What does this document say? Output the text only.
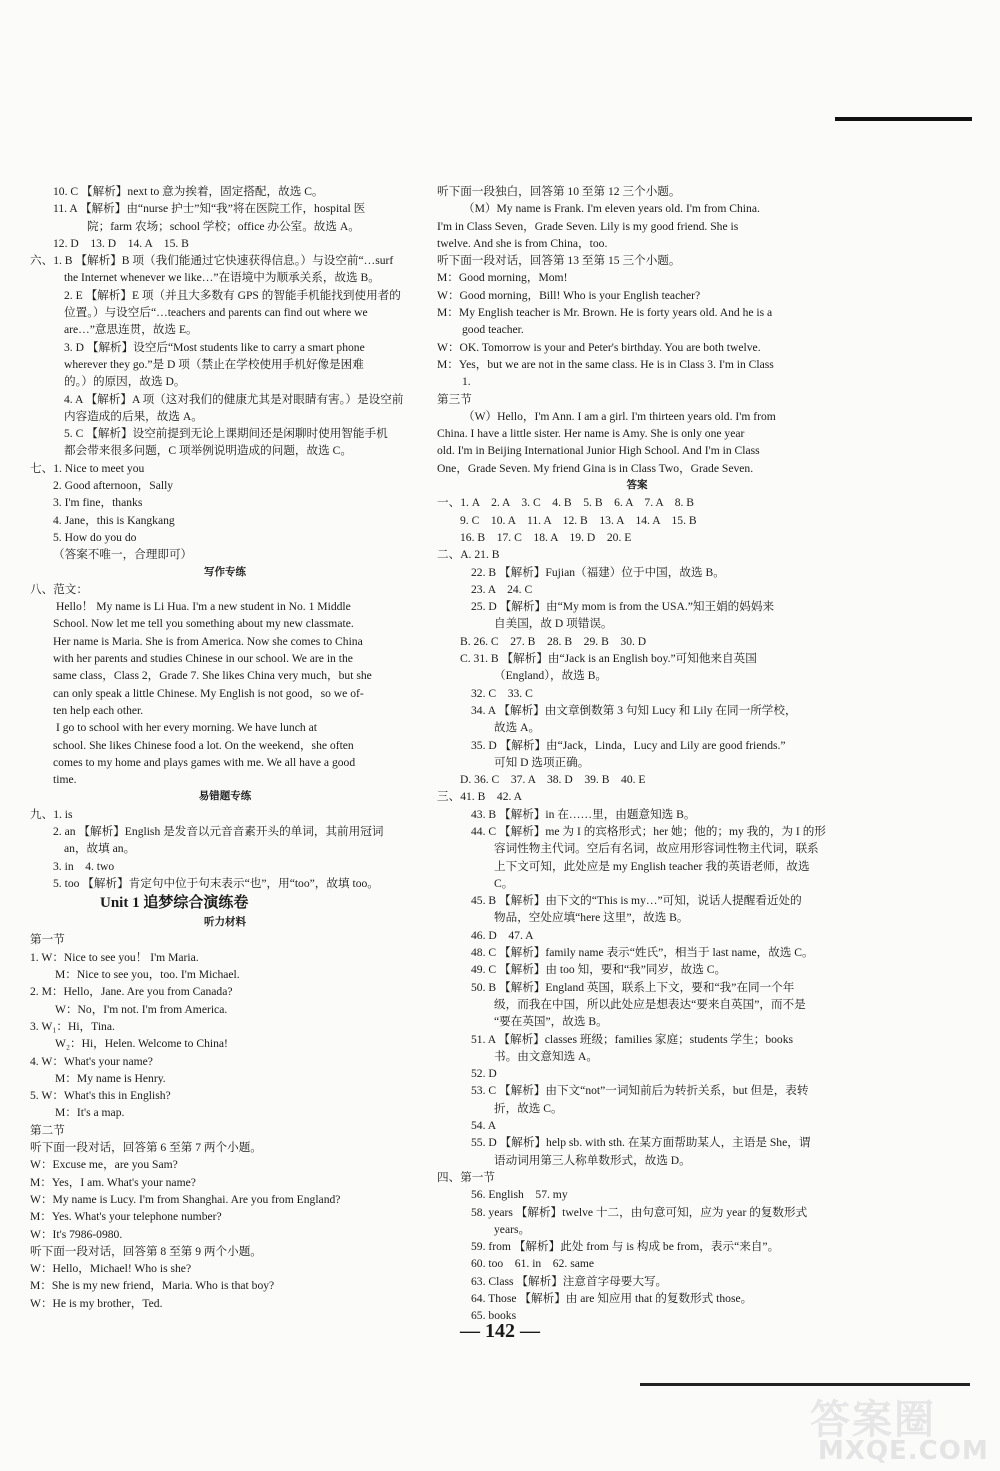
10. C 【解析】next to 意为挨着，固定搭配，故选 C。

11. A 【解析】由“nurse 护士”知“我”将在医院工作，hospital 医

院；farm 农场；school 学校；office 办公室。故选 A。

12. D　13. D　14. A　15. B

六、1. B 【解析】B 项（我们能通过它快速获得信息。）与设空前“…surf

the Internet whenever we like…”在语境中为顺承关系，故选 B。

2. E 【解析】E 项（并且大多数有 GPS 的智能手机能找到使用者的

位置。）与设空后“…teachers and parents can find out where we

are…”意思连贯，故选 E。

3. D 【解析】设空后“Most students like to carry a smart phone

wherever they go.”是 D 项（禁止在学校使用手机好像是困难

的。）的原因，故选 D。

4. A 【解析】A 项（这对我们的健康尤其是对眼睛有害。）是设空前

内容造成的后果，故选 A。

5. C 【解析】设空前提到无论上课期间还是闲聊时使用智能手机

都会带来很多问题，C 项举例说明造成的问题，故选 C。

七、1. Nice to meet you

2. Good afternoon，Sally

3. I'm fine，thanks

4. Jane，this is Kangkang

5. How do you do

（答案不唯一，合理即可）

写作专练

八、范文：

Hello！ My name is Li Hua. I'm a new student in No. 1 Middle

School. Now let me tell you something about my new classmate.

Her name is Maria. She is from America. Now she comes to China

with her parents and studies Chinese in our school. We are in the

same class，Class 2，Grade 7. She likes China very much，but she

can only speak a little Chinese. My English is not good，so we of-

ten help each other.

I go to school with her every morning. We have lunch at

school. She likes Chinese food a lot. On the weekend，she often

comes to my home and plays games with me. We all have a good

time.

易错题专练

九、1. is

2. an 【解析】English 是发音以元音音素开头的单词，其前用冠词

an，故填 an。

3. in　4. two

5. too 【解析】肯定句中位于句末表示“也”，用“too”，故填 too。

Unit 1 追梦综合演练卷

听力材料

第一节

1. W：Nice to see you！ I'm Maria.

M：Nice to see you，too. I'm Michael.

2. M：Hello，Jane. Are you from Canada?

W：No，I'm not. I'm from America.

3. W₁：Hi，Tina.

W₂：Hi，Helen. Welcome to China!

4. W：What's your name?

M：My name is Henry.

5. W：What's this in English?

M：It's a map.

第二节

听下面一段对话，回答第 6 至第 7 两个小题。

W：Excuse me，are you Sam?

M：Yes，I am. What's your name?

W：My name is Lucy. I'm from Shanghai. Are you from England?

M：Yes. What's your telephone number?

W：It's 7986-0980.

听下面一段对话，回答第 8 至第 9 两个小题。

W：Hello，Michael! Who is she?

M：She is my new friend，Maria. Who is that boy?

W：He is my brother，Ted.

听下面一段独白，回答第 10 至第 12 三个小题。

（M）My name is Frank. I'm eleven years old. I'm from China.

I'm in Class Seven，Grade Seven. Lily is my good friend. She is

twelve. And she is from China，too.

听下面一段对话，回答第 13 至第 15 三个小题。

M：Good morning，Mom!

W：Good morning，Bill! Who is your English teacher?

M：My English teacher is Mr. Brown. He is forty years old. And he is a

good teacher.

W：OK. Tomorrow is your and Peter's birthday. You are both twelve.

M：Yes，but we are not in the same class. He is in Class 3. I'm in Class

1.

第三节

（W）Hello，I'm Ann. I am a girl. I'm thirteen years old. I'm from

China. I have a little sister. Her name is Amy. She is only one year

old. I'm in Beijing International Junior High School. And I'm in Class

One，Grade Seven. My friend Gina is in Class Two，Grade Seven.

答案

一、1. A　2. A　3. C　4. B　5. B　6. A　7. A　8. B

9. C　10. A　11. A　12. B　13. A　14. A　15. B

16. B　17. C　18. A　19. D　20. E

二、A. 21. B

22. B 【解析】Fujian（福建）位于中国，故选 B。

23. A　24. C

25. D 【解析】由“My mom is from the USA.”知王娟的妈妈来

自美国，故 D 项错误。

B. 26. C　27. B　28. B　29. B　30. D

C. 31. B 【解析】由“Jack is an English boy.”可知他来自英国

（England），故选 B。

32. C　33. C

34. A 【解析】由文章倒数第 3 句知 Lucy 和 Lily 在同一所学校，

故选 A。

35. D 【解析】由“Jack，Linda，Lucy and Lily are good friends.”

可知 D 选项正确。

D. 36. C　37. A　38. D　39. B　40. E

三、41. B　42. A

43. B 【解析】in 在……里，由题意知选 B。

44. C 【解析】me 为 I 的宾格形式；her 她；他的；my 我的，为 I 的形

容词性物主代词。空后有名词，故应用形容词性物主代词，联系

上下文可知，此处应是 my English teacher 我的英语老师，故选

C。

45. B 【解析】由下文的“This is my…”可知，说话人提醒看近处的

物品，空处应填“here 这里”，故选 B。

46. D　47. A

48. C 【解析】family name 表示“姓氏”，相当于 last name，故选 C。

49. C 【解析】由 too 知，要和“我”同岁，故选 C。

50. B 【解析】England 英国，联系上下文，要和“我”在同一个年

级，而我在中国，所以此处应是想表达“要来自英国”，而不是

“要在英国”，故选 B。

51. A 【解析】classes 班级；families 家庭；students 学生；books

书。由文意知选 A。

52. D

53. C 【解析】由下文“not”一词知前后为转折关系，but 但是，表转

折，故选 C。

54. A

55. D 【解析】help sb. with sth. 在某方面帮助某人，主语是 She，谓

语动词用第三人称单数形式，故选 D。

四、第一节

56. English　57. my

58. years 【解析】twelve 十二，由句意可知，应为 year 的复数形式

years。

59. from 【解析】此处 from 与 is 构成 be from，表示“来自”。

60. too　61. in　62. same

63. Class 【解析】注意首字母要大写。

64. Those 【解析】由 are 知应用 that 的复数形式 those。

65. books

— 142 —
答案圈
MXQE.COM
